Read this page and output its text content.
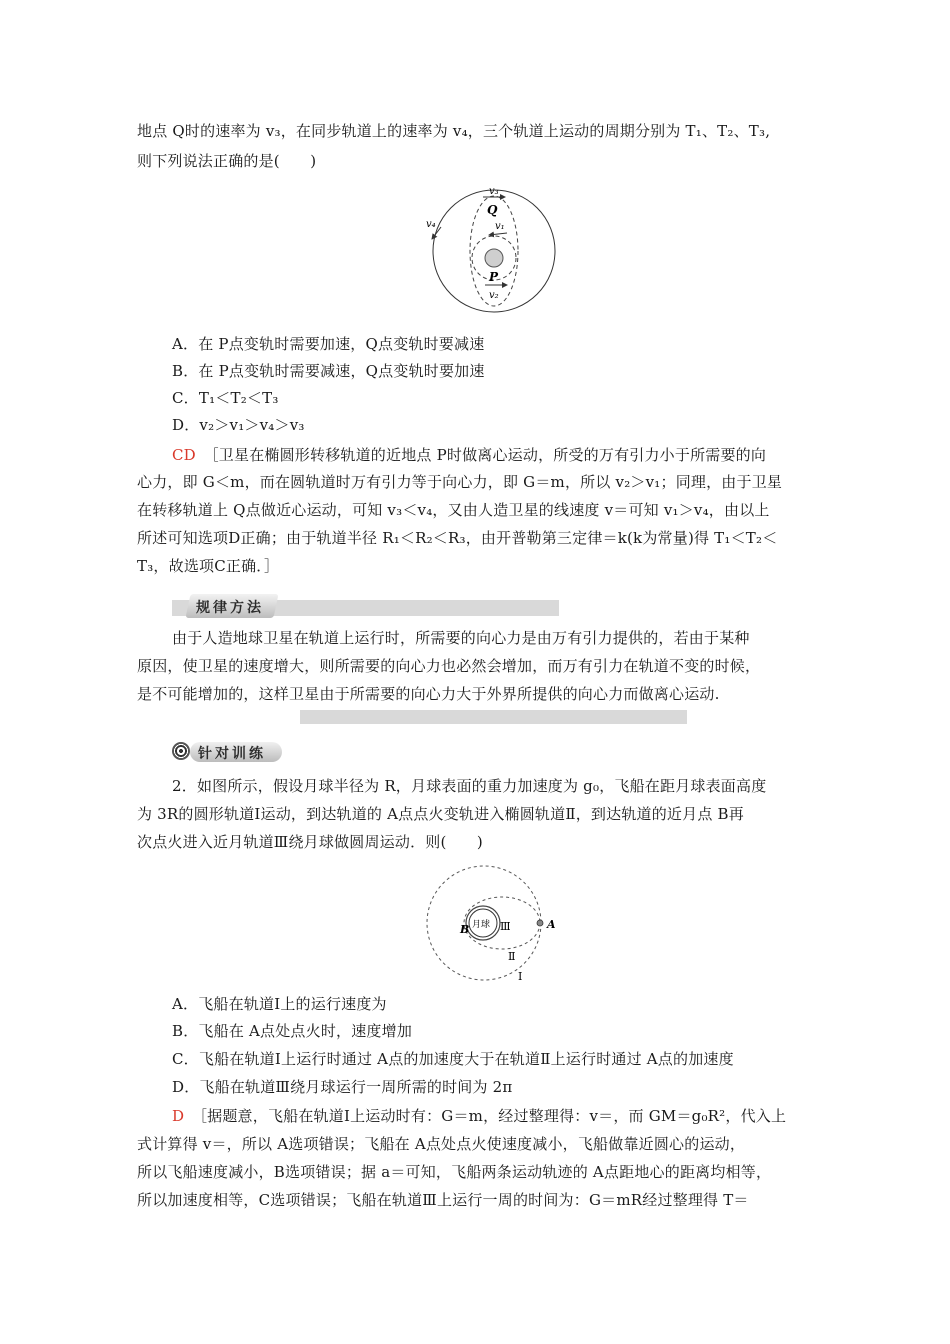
地点 Q时的速率为 v₃，在同步轨道上的速率为 v₄，三个轨道上运动的周期分别为 T₁、T₂、T₃,
则下列说法正确的是(　　)
v₃
Q
v₁
v₄
P
v₂
A．在 P点变轨时需要加速，Q点变轨时要减速
B．在 P点变轨时需要减速，Q点变轨时要加速
C．T₁＜T₂＜T₃
D．v₂＞v₁＞v₄＞v₃
CD　 ［卫星在椭圆形转移轨道的近地点 P时做离心运动，所受的万有引力小于所需要的向
心力，即 G＜m，而在圆轨道时万有引力等于向心力，即 G＝m，所以 v₂＞v₁；同理，由于卫星
在转移轨道上 Q点做近心运动，可知 v₃＜v₄，又由人造卫星的线速度 v＝可知 v₁＞v₄，由以上
所述可知选项D正确；由于轨道半径 R₁＜R₂＜R₃，由开普勒第三定律＝k(k为常量)得 T₁＜T₂＜
T₃，故选项C正确．］
规律方法
由于人造地球卫星在轨道上运行时，所需要的向心力是由万有引力提供的，若由于某种
原因，使卫星的速度增大，则所需要的向心力也必然会增加，而万有引力在轨道不变的时候，
是不可能增加的，这样卫星由于所需要的向心力大于外界所提供的向心力而做离心运动.
针对训练
2．如图所示，假设月球半径为 R，月球表面的重力加速度为 g₀，飞船在距月球表面高度
为 3R的圆形轨道Ⅰ运动，到达轨道的 A点点火变轨进入椭圆轨道Ⅱ，到达轨道的近月点 B再
次点火进入近月轨道Ⅲ绕月球做圆周运动．则(　　)
B 月球 Ⅲ	A
Ⅱ
Ⅰ
A．飞船在轨道Ⅰ上的运行速度为
B．飞船在 A点处点火时，速度增加
C．飞船在轨道Ⅰ上运行时通过 A点的加速度大于在轨道Ⅱ上运行时通过 A点的加速度
D．飞船在轨道Ⅲ绕月球运行一周所需的时间为 2π
D　 ［据题意，飞船在轨道Ⅰ上运动时有：G＝m，经过整理得：v＝，而 GM＝g₀R²，代入上
式计算得 v＝，所以 A选项错误；飞船在 A点处点火使速度减小，飞船做靠近圆心的运动，
所以飞船速度减小，B选项错误；据 a＝可知，飞船两条运动轨迹的 A点距地心的距离均相等，
所以加速度相等，C选项错误；飞船在轨道Ⅲ上运行一周的时间为：G＝mR经过整理得 T＝
